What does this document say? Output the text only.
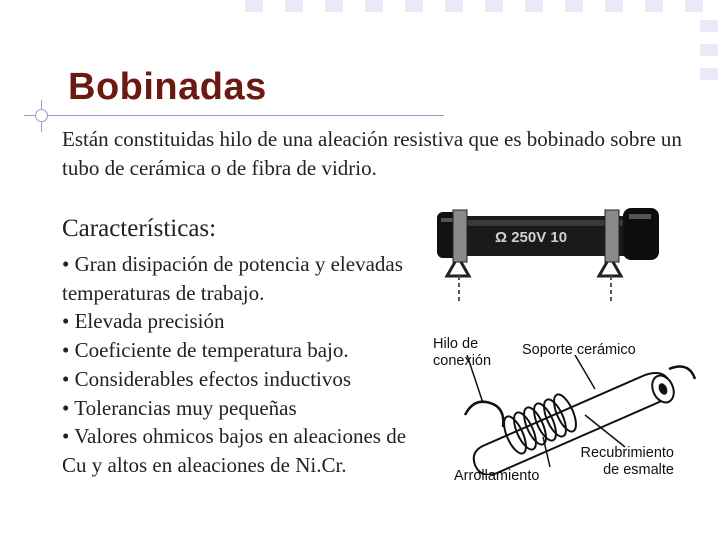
Bobinadas
Están constituidas hilo de una aleación resistiva que es bobinado sobre un tubo de cerámica o de fibra de vidrio.
Características:
• Gran disipación de potencia y elevadas temperaturas de trabajo.
• Elevada precisión
• Coeficiente de temperatura bajo.
• Considerables efectos inductivos
• Tolerancias muy pequeñas
• Valores ohmicos bajos en aleaciones de Cu y altos en aleaciones de Ni.Cr.
Ω 250V 10
Hilo de conexión
Soporte cerámico
Recubrimiento
de esmalte
Arrollamiento
